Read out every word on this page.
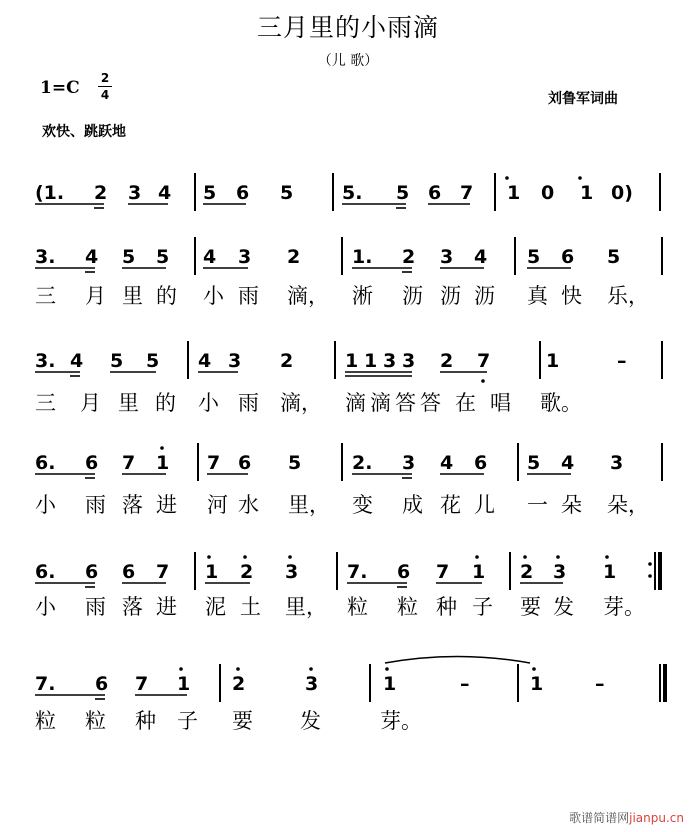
三月里的小雨滴
（儿 歌）
1=C 2
4	刘鲁军词曲
欢快、跳跃地
(1. 2 3 4 5 6 5	5. 5 6 7 1 0 1 0)
3. 4 5 5 4 3 2	1. 2 3 4 5 6 5
三 月 里 的 小 雨 滴， 淅 沥 沥 沥 真 快 乐，
3. 4 5 5 4 3 2	1 1 3 3 2 7	1	–
三 月 里 的 小 雨 滴， 滴 滴 答 答 在 唱 歌。
6. 6 7 1 7 6 5	2. 3 4 6 5 4 3
小 雨 落 进 河 水 里， 变 成 花 儿 一 朵 朵，
6. 6 6 7 1 2 3	7. 6 7 1 2 3 1
小 雨 落 进 泥 土 里， 粒 粒 种 子 要 发 芽。
7. 6 7 1 2	3	1	–	1	–
粒 粒 种 子 要 发	芽。
歌谱简谱网jianpu.cn
